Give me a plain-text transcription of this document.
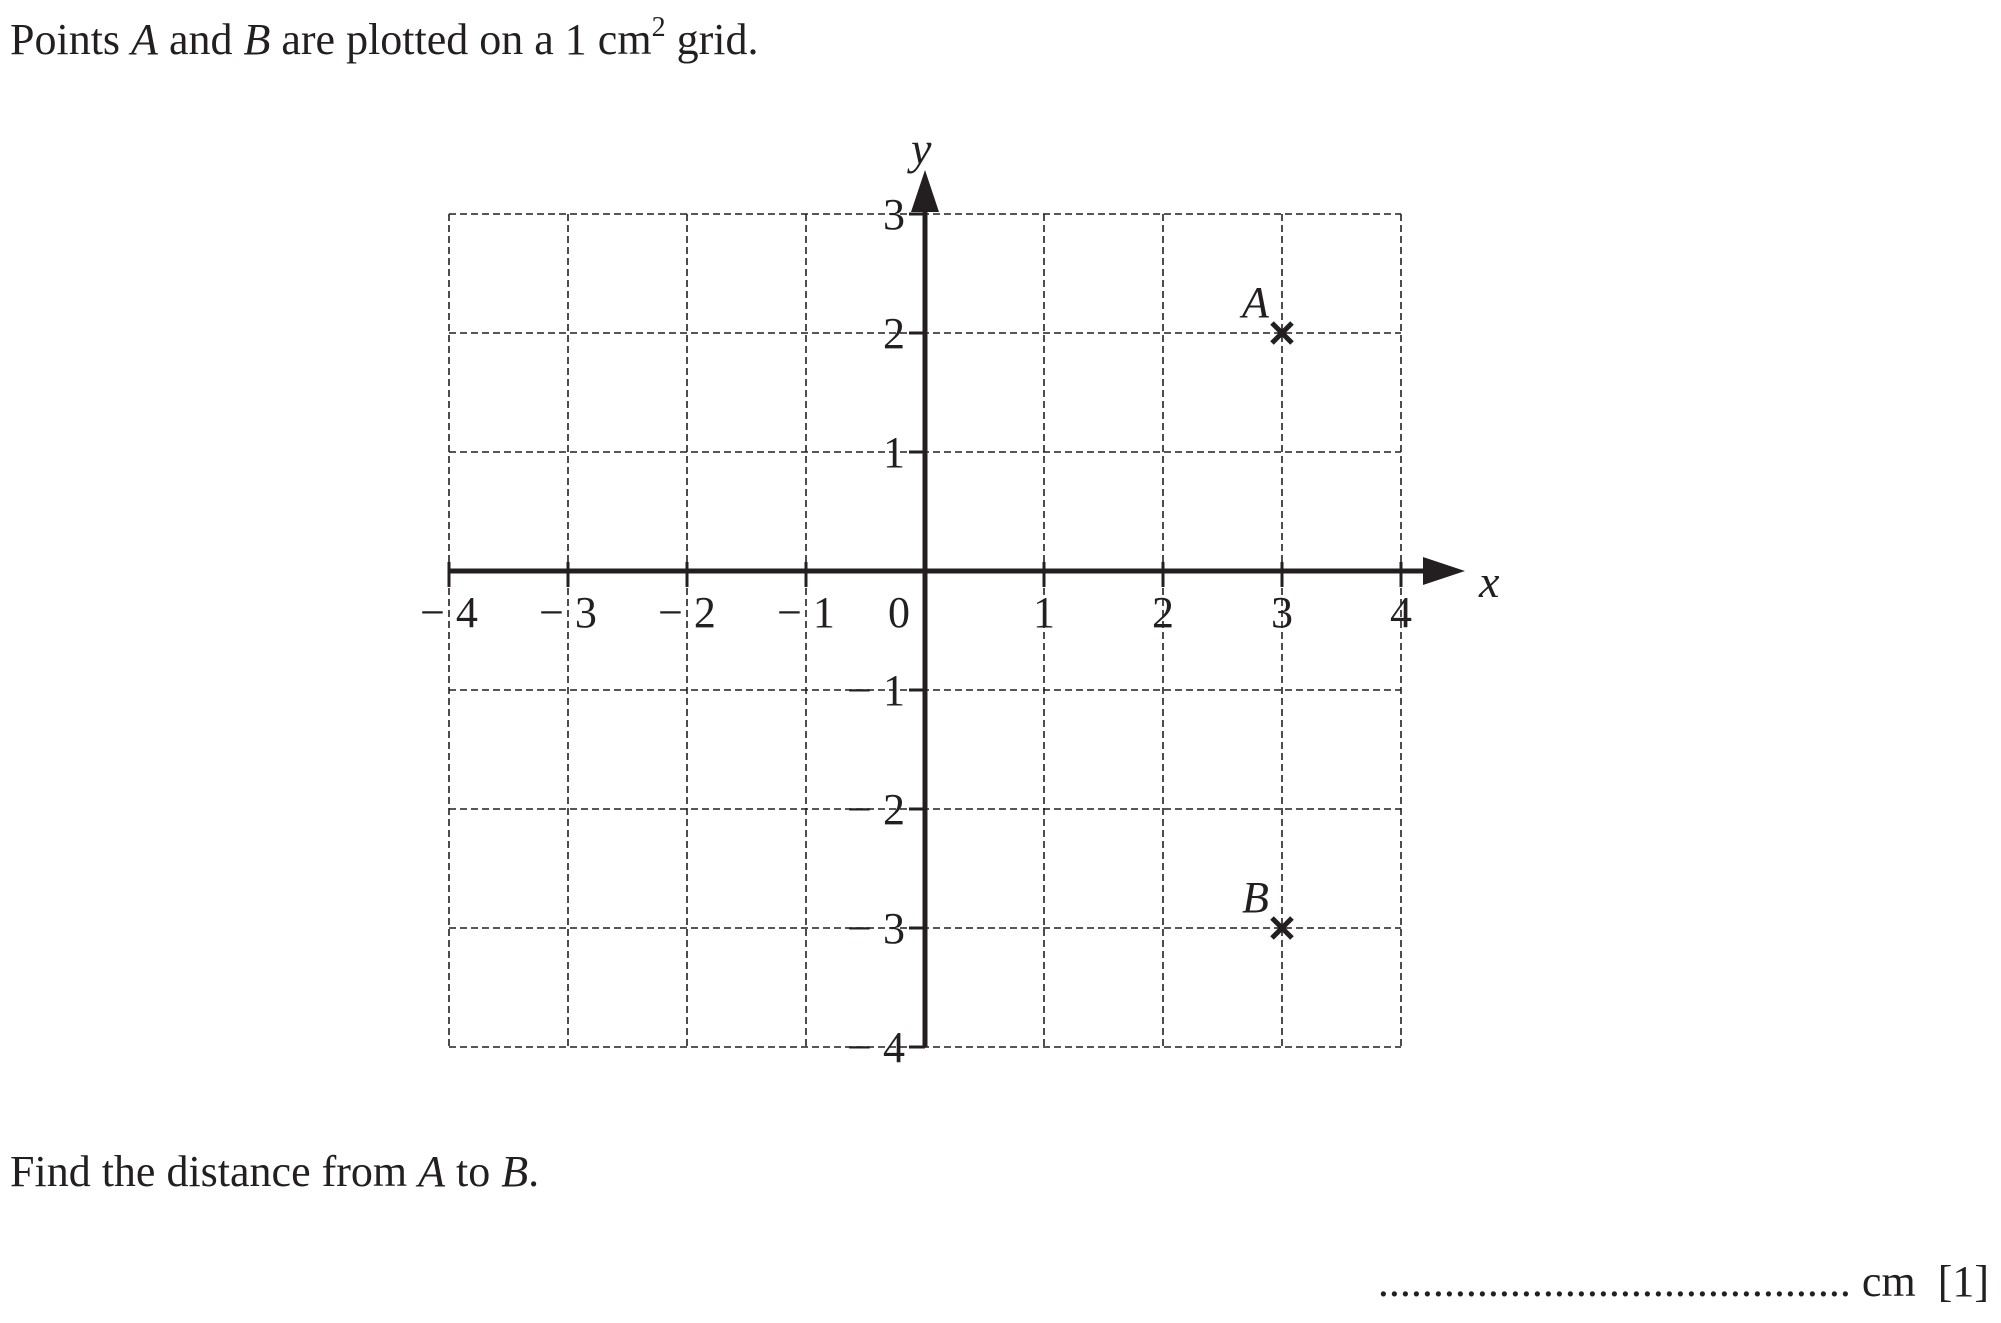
Points A and B are plotted on a 1 $cm^2$ grid.
− 4 − 3 − 2 − 1 0	1 2 3 4
3
2
1
− 1
− 2
− 3
− 4
x
y
A
B
Find the distance from A to B.
........................................... cm [1]
